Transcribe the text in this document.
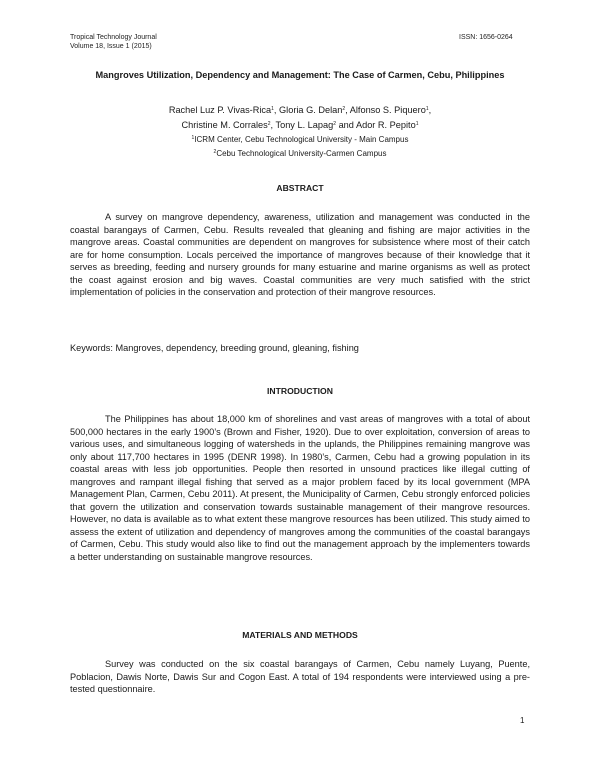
Tropical Technology Journal
Volume 18, Issue 1 (2015)
ISSN: 1656-0264
Mangroves Utilization, Dependency and Management: The Case of Carmen, Cebu, Philippines
Rachel Luz P. Vivas-Rica$^1$, Gloria G. Delan$^2$, Alfonso S. Piquero$^1$,
Christine M. Corrales$^2$, Tony L. Lapag$^2$ and Ador R. Pepito$^1$
$^1$ICRM Center, Cebu Technological University - Main Campus
$^2$Cebu Technological University-Carmen Campus
ABSTRACT

A survey on mangrove dependency, awareness, utilization and management was conducted in the coastal barangays of Carmen, Cebu. Results revealed that gleaning and fishing are major activities in the mangrove areas. Coastal communities are dependent on mangroves for subsistence where most of their catch are for home consumption. Locals perceived the importance of mangroves because of their knowledge that it serves as breeding, feeding and nursery grounds for many estuarine and marine organisms as well as protect the coast against erosion and big waves. Coastal communities are very much satisfied with the strict implementation of policies in the conservation and protection of their mangrove resources.

Keywords: Mangroves, dependency, breeding ground, gleaning, fishing

INTRODUCTION

The Philippines has about 18,000 km of shorelines and vast areas of mangroves with a total of about 500,000 hectares in the early 1900’s (Brown and Fisher, 1920). Due to over exploitation, conversion of areas to various uses, and simultaneous logging of watersheds in the uplands, the Philippines remaining mangrove was only about 117,700 hectares in 1995 (DENR 1998). In 1980’s, Carmen, Cebu had a growing population in its coastal areas with less job opportunities. People then resorted in unsound practices like illegal cutting of mangroves and rampant illegal fishing that served as a major problem faced by its local government (MPA Management Plan, Carmen, Cebu 2011). At present, the Municipality of Carmen, Cebu strongly enforced policies that govern the utilization and conservation towards sustainable management of their mangrove resources. However, no data is available as to what extent these mangrove resources has been utilized. This study aimed to assess the extent of utilization and dependency of mangroves among the communities of the coastal barangays of Carmen, Cebu. This study would also like to find out the management approach by the implementers towards a better understanding on sustainable mangrove resources.

MATERIALS AND METHODS

Survey was conducted on the six coastal barangays of Carmen, Cebu namely Luyang, Puente, Poblacion, Dawis Norte, Dawis Sur and Cogon East. A total of 194 respondents were interviewed using a pre-tested questionnaire.

1
